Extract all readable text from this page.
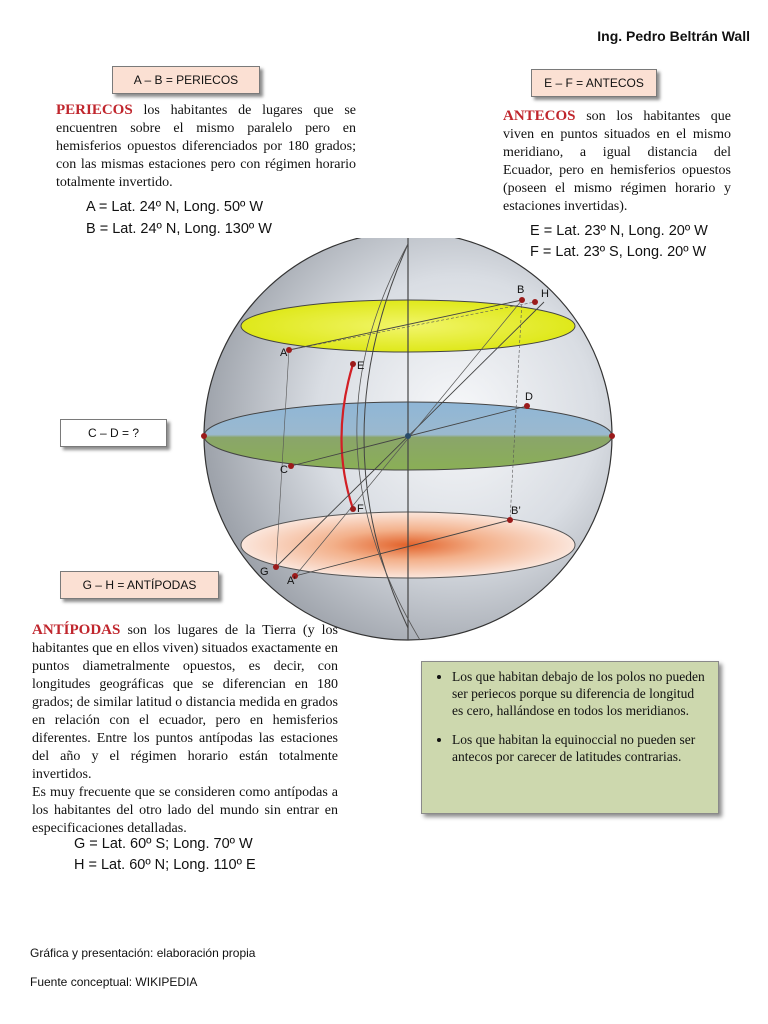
Ing. Pedro Beltrán Wall
A – B = PERIECOS	E – F = ANTECOS
C – D = ?
G – H = ANTÍPODAS
PERIECOS los habitantes de lugares que se encuentren sobre el mismo paralelo pero en hemisferios opuestos diferenciados por 180 grados; con las mismas estaciones pero con régimen horario totalmente invertido.
A = Lat. 24º N, Long. 50º W
B = Lat. 24º N, Long. 130º W
ANTECOS son los habitantes que viven en puntos situados en el mismo meridiano, a igual distancia del Ecuador, pero en hemisferios opuestos (poseen el mismo régimen horario y estaciones invertidas).
E = Lat. 23º N, Long. 20º W
F = Lat. 23º S, Long. 20º W
A
B H
E
D
C
F	B’
G
A’
ANTÍPODAS son los lugares de la Tierra (y los habitantes que en ellos viven) situados exactamente en puntos diametralmente opuestos, es decir, con longitudes geográficas que se diferencian en 180 grados; de similar latitud o distancia medida en grados en relación con el ecuador, pero en hemisferios diferentes. Entre los puntos antípodas las estaciones del año y el régimen horario están totalmente invertidos.
Es muy frecuente que se consideren como antípodas a los habitantes del otro lado del mundo sin entrar en especificaciones detalladas.
G = Lat. 60º S; Long. 70º W
H = Lat. 60º N; Long. 110º E
• Los que habitan debajo de los polos no pueden ser periecos porque su diferencia de longitud es cero, hallándose en todos los meridianos.
• Los que habitan la equinoccial no pueden ser antecos por carecer de latitudes contrarias.
Gráfica y presentación: elaboración propia
Fuente conceptual: WIKIPEDIA
